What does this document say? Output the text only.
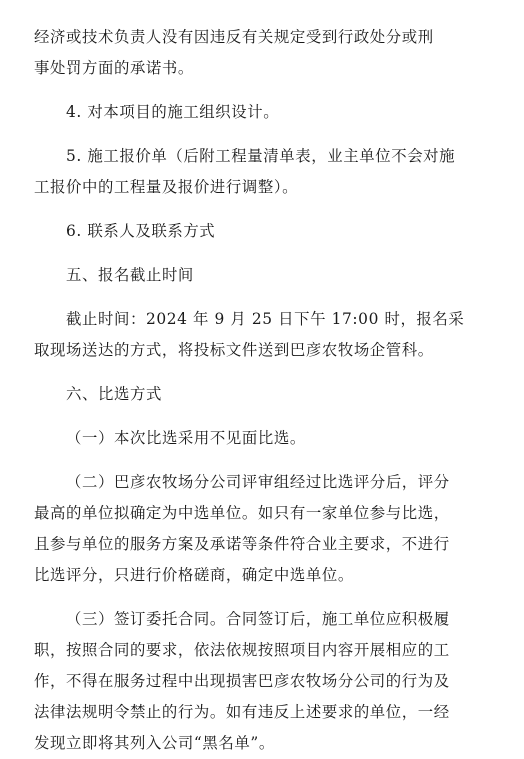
经济或技术负责人没有因违反有关规定受到行政处分或刑
事处罚方面的承诺书。

4. 对本项目的施工组织设计。

5. 施工报价单（后附工程量清单表，业主单位不会对施
工报价中的工程量及报价进行调整）。

6. 联系人及联系方式

五、报名截止时间

截止时间：2024 年 9 月 25 日下午 17:00 时，报名采
取现场送达的方式，将投标文件送到巴彦农牧场企管科。

六、比选方式

（一）本次比选采用不见面比选。

（二）巴彦农牧场分公司评审组经过比选评分后，评分
最高的单位拟确定为中选单位。如只有一家单位参与比选，
且参与单位的服务方案及承诺等条件符合业主要求，不进行
比选评分，只进行价格磋商，确定中选单位。

（三）签订委托合同。合同签订后，施工单位应积极履
职，按照合同的要求，依法依规按照项目内容开展相应的工
作，不得在服务过程中出现损害巴彦农牧场分公司的行为及
法律法规明令禁止的行为。如有违反上述要求的单位，一经
发现立即将其列入公司“黑名单”。
